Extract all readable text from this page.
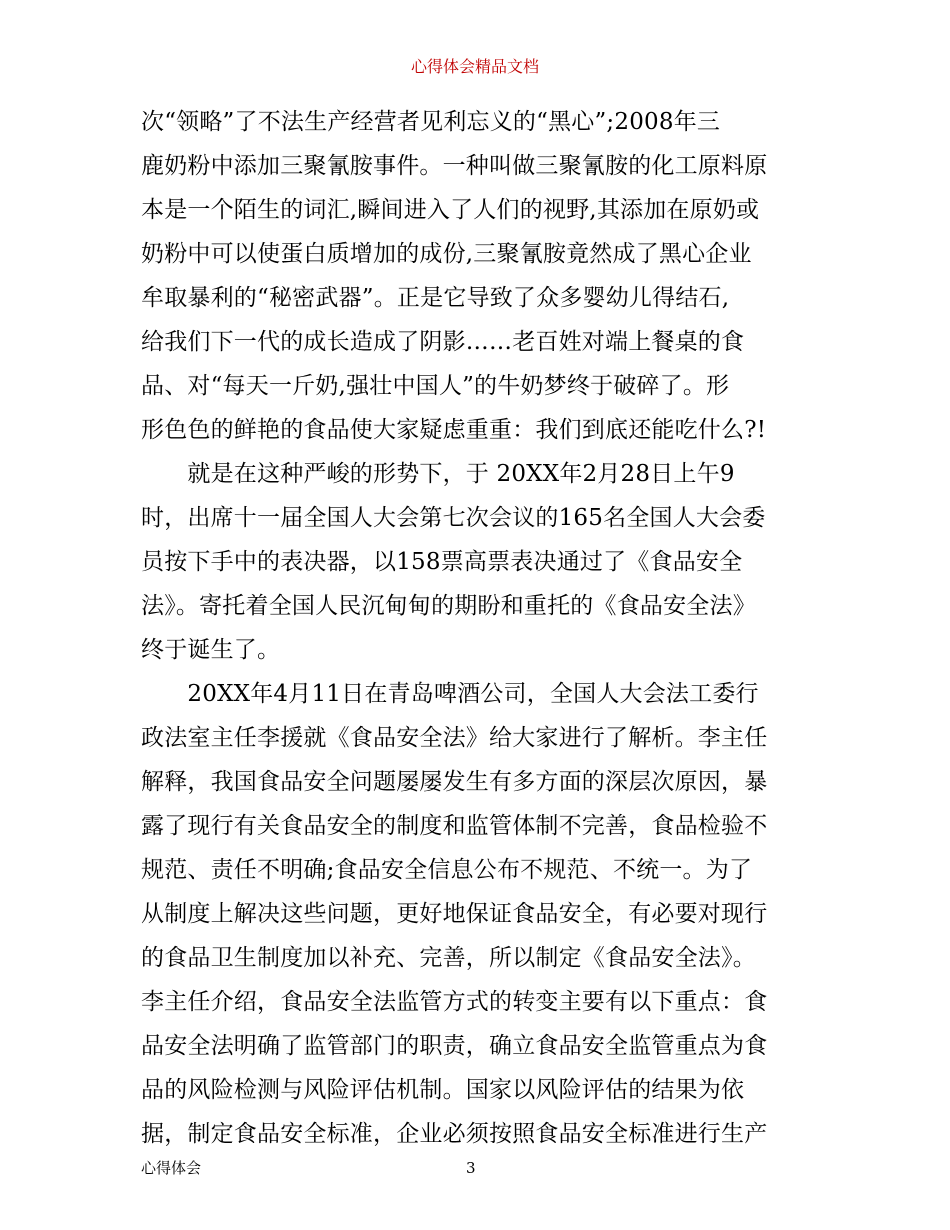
心得体会精品文档
次“领略”了不法生产经营者见利忘义的“黑心”;2008年三
鹿奶粉中添加三聚氰胺事件。一种叫做三聚氰胺的化工原料原
本是一个陌生的词汇,瞬间进入了人们的视野,其添加在原奶或
奶粉中可以使蛋白质增加的成份,三聚氰胺竟然成了黑心企业
牟取暴利的“秘密武器”。正是它导致了众多婴幼儿得结石,
给我们下一代的成长造成了阴影……老百姓对端上餐桌的食
品、对“每天一斤奶,强壮中国人”的牛奶梦终于破碎了。形
形色色的鲜艳的食品使大家疑虑重重：我们到底还能吃什么?!
　　就是在这种严峻的形势下，于 20XX年2月28日上午9
时，出席十一届全国人大会第七次会议的165名全国人大会委
员按下手中的表决器，以158票高票表决通过了《食品安全
法》。寄托着全国人民沉甸甸的期盼和重托的《食品安全法》
终于诞生了。
　　20XX年4月11日在青岛啤酒公司，全国人大会法工委行
政法室主任李援就《食品安全法》给大家进行了解析。李主任
解释，我国食品安全问题屡屡发生有多方面的深层次原因，暴
露了现行有关食品安全的制度和监管体制不完善，食品检验不
规范、责任不明确;食品安全信息公布不规范、不统一。为了
从制度上解决这些问题，更好地保证食品安全，有必要对现行
的食品卫生制度加以补充、完善，所以制定《食品安全法》。
李主任介绍，食品安全法监管方式的转变主要有以下重点：食
品安全法明确了监管部门的职责，确立食品安全监管重点为食
品的风险检测与风险评估机制。国家以风险评估的结果为依
据，制定食品安全标准，企业必须按照食品安全标准进行生产
心得体会	3
